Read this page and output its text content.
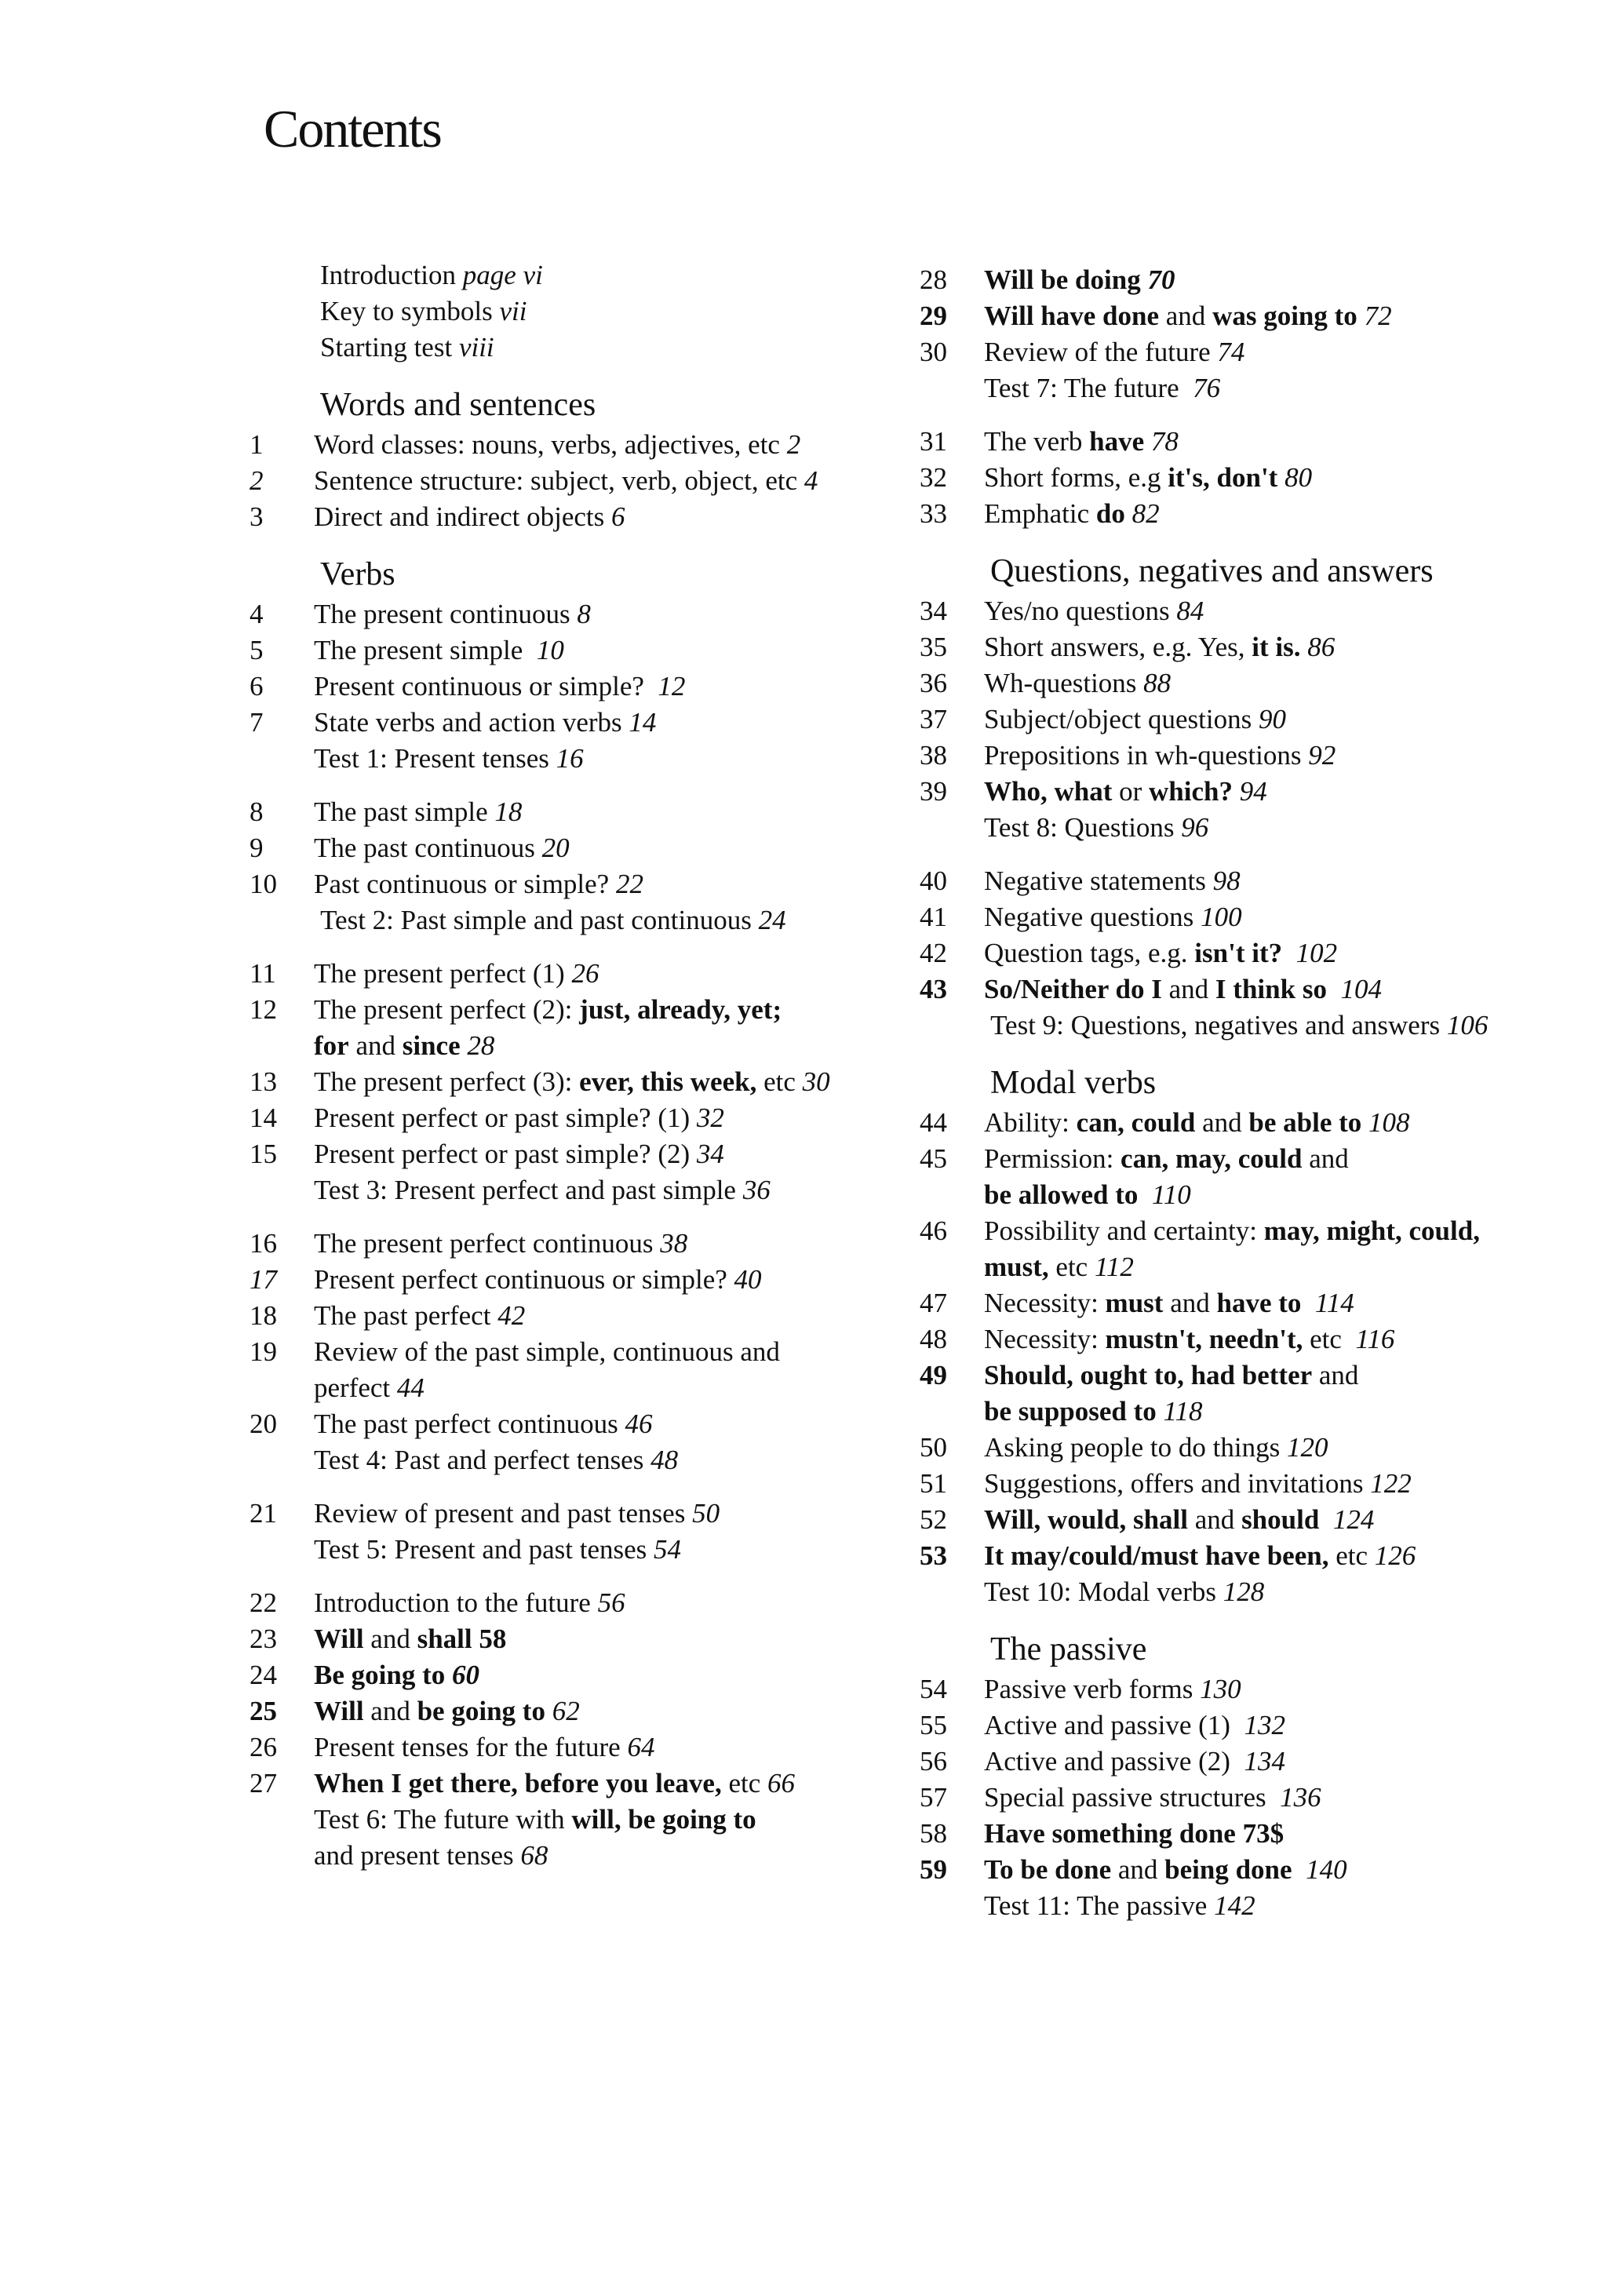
Contents
Introduction page vi
Key to symbols vii
Starting test viii
Words and sentences
1	Word classes: nouns, verbs, adjectives, etc 2
2	Sentence structure: subject, verb, object, etc 4
3	Direct and indirect objects 6
Verbs
4	The present continuous 8
5	The present simple  10
6	Present continuous or simple?  12
7	State verbs and action verbs 14
Test 1: Present tenses 16
8	The past simple 18
9	The past continuous 20
10	Past continuous or simple? 22
Test 2: Past simple and past continuous 24
11	The present perfect (1) 26
12	The present perfect (2): just, already, yet;
for and since 28
13	The present perfect (3): ever, this week, etc 30
14	Present perfect or past simple? (1) 32
15	Present perfect or past simple? (2) 34
Test 3: Present perfect and past simple 36
16	The present perfect continuous 38
17	Present perfect continuous or simple? 40
18	The past perfect 42
19	Review of the past simple, continuous and
perfect 44
20	The past perfect continuous 46
Test 4: Past and perfect tenses 48
21	Review of present and past tenses 50
Test 5: Present and past tenses 54
22	Introduction to the future 56
23	Will and shall 58
24	Be going to 60
25	Will and be going to 62
26	Present tenses for the future 64
27	When I get there, before you leave, etc 66
Test 6: The future with will, be going to
and present tenses 68
28	Will be doing 70
29	Will have done and was going to 72
30	Review of the future 74
Test 7: The future  76
31	The verb have 78
32	Short forms, e.g it's, don't 80
33	Emphatic do 82
Questions, negatives and answers
34	Yes/no questions 84
35	Short answers, e.g. Yes, it is. 86
36	Wh-questions 88
37	Subject/object questions 90
38	Prepositions in wh-questions 92
39	Who, what or which? 94
Test 8: Questions 96
40	Negative statements 98
41	Negative questions 100
42	Question tags, e.g. isn't it? 102
43	So/Neither do I and I think so 104
Test 9: Questions, negatives and answers 106
Modal verbs
44	Ability: can, could and be able to 108
45	Permission: can, may, could and
be allowed to 110
46	Possibility and certainty: may, might, could,
must, etc 112
47	Necessity: must and have to 114
48	Necessity: mustn't, needn't, etc  116
49	Should, ought to, had better and
be supposed to 118
50	Asking people to do things 120
51	Suggestions, offers and invitations 122
52	Will, would, shall and should 124
53	It may/could/must have been, etc 126
Test 10: Modal verbs 128
The passive
54	Passive verb forms 130
55	Active and passive (1)  132
56	Active and passive (2)  134
57	Special passive structures  136
58	Have something done 73$
59	To be done and being done 140
Test 11: The passive 142
